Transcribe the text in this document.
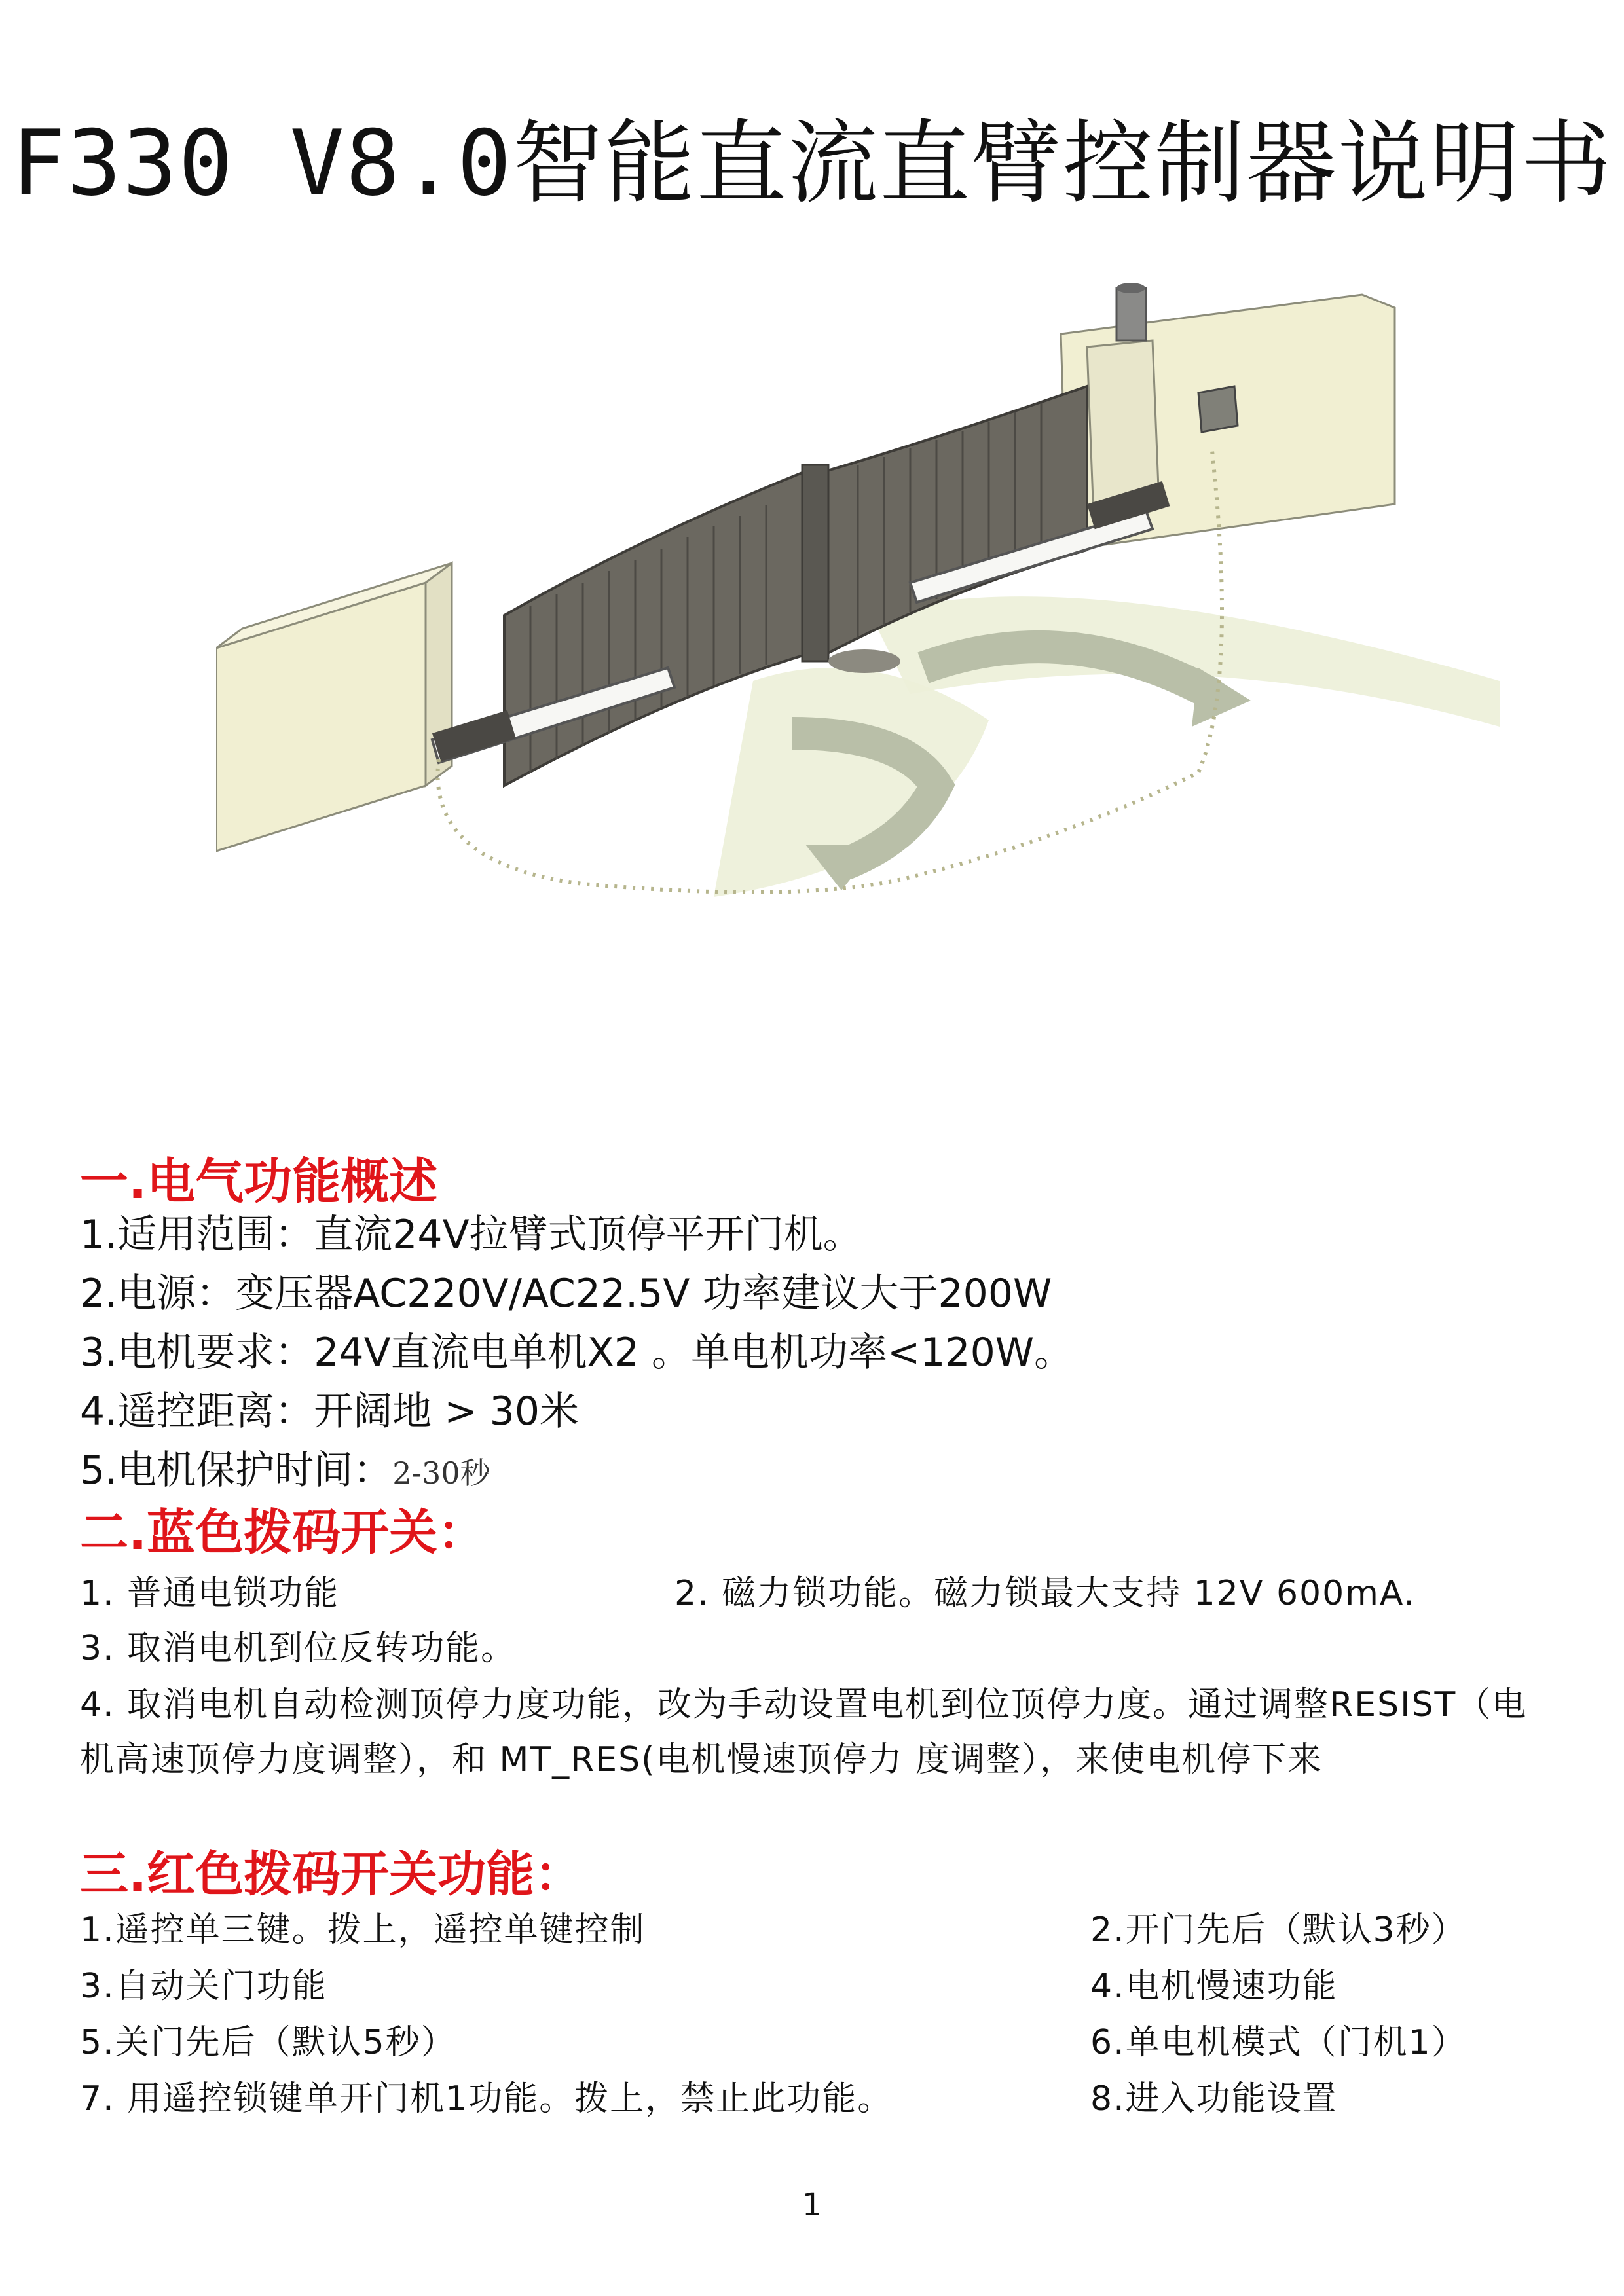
F330 V8.0智能直流直臂控制器说明书
一.电气功能概述
1.适用范围：直流24V拉臂式顶停平开门机。
2.电源：变压器AC220V/AC22.5V 功率建议大于200W
3.电机要求：24V直流电单机X2 。单电机功率<120W。
4.遥控距离：开阔地 > 30米
5.电机保护时间：2-30秒
二.蓝色拨码开关：
1. 普通电锁功能	2. 磁力锁功能。磁力锁最大支持 12V 600mA.
3. 取消电机到位反转功能。
4. 取消电机自动检测顶停力度功能，改为手动设置电机到位顶停力度。通过调整RESIST（电机高速顶停力度调整），和 MT_RES(电机慢速顶停力 度调整），来使电机停下来
三.红色拨码开关功能：
1.遥控单三键。拨上，遥控单键控制	2.开门先后（默认3秒）
3.自动关门功能	4.电机慢速功能
5.关门先后（默认5秒）	6.单电机模式（门机1）
7. 用遥控锁键单开门机1功能。拨上，禁止此功能。	8.进入功能设置
1
